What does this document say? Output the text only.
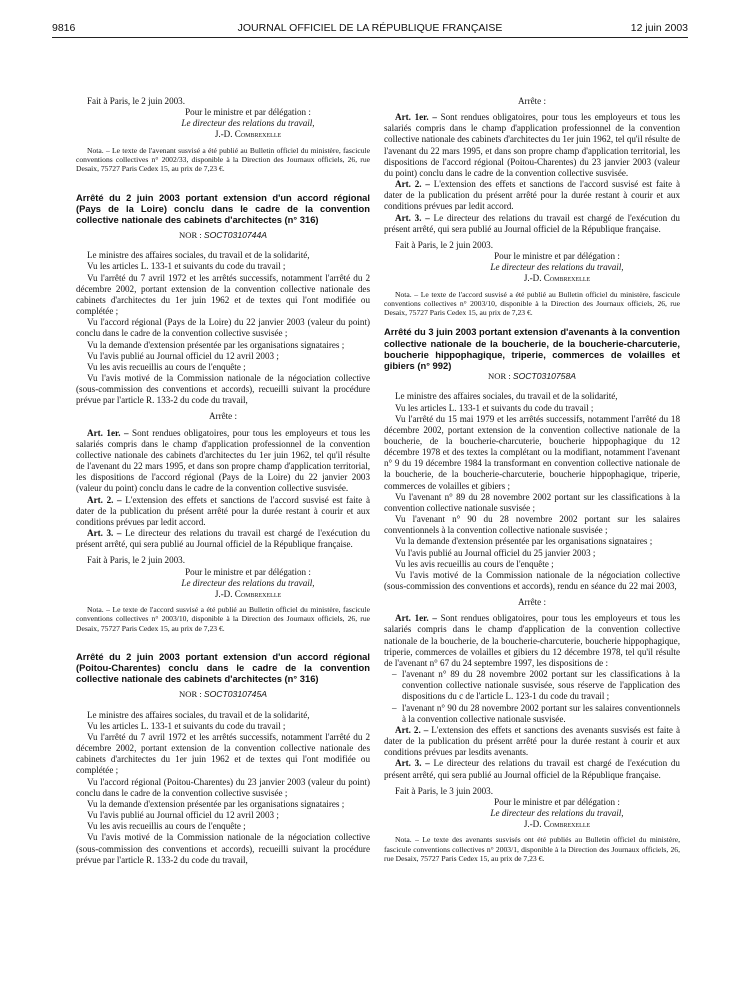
9816	JOURNAL OFFICIEL DE LA RÉPUBLIQUE FRANÇAISE	12 juin 2003

Fait à Paris, le 2 juin 2003.

Pour le ministre et par délégation :

Le directeur des relations du travail,

J.-D. Combrexelle

Nota. – Le texte de l'avenant susvisé a été publié au Bulletin officiel du ministère, fascicule conventions collectives n° 2002/33, disponible à la Direction des Journaux officiels, 26, rue Desaix, 75727 Paris Cedex 15, au prix de 7,23 €.

Arrêté du 2 juin 2003 portant extension d'un accord régional (Pays de la Loire) conclu dans le cadre de la convention collective nationale des cabinets d'architectes (n° 316)
NOR : SOCT0310744A

Le ministre des affaires sociales, du travail et de la solidarité,

Vu les articles L. 133-1 et suivants du code du travail ;

Vu l'arrêté du 7 avril 1972 et les arrêtés successifs, notamment l'arrêté du 2 décembre 2002, portant extension de la convention collective nationale des cabinets d'architectes du 1er juin 1962 et de textes qui l'ont modifiée ou complétée ;

Vu l'accord régional (Pays de la Loire) du 22 janvier 2003 (valeur du point) conclu dans le cadre de la convention collective susvisée ;

Vu la demande d'extension présentée par les organisations signataires ;

Vu l'avis publié au Journal officiel du 12 avril 2003 ;

Vu les avis recueillis au cours de l'enquête ;

Vu l'avis motivé de la Commission nationale de la négociation collective (sous-commission des conventions et accords), recueilli suivant la procédure prévue par l'article R. 133-2 du code du travail,

Arrête :

Art. 1er. – Sont rendues obligatoires, pour tous les employeurs et tous les salariés compris dans le champ d'application professionnel de la convention collective nationale des cabinets d'architectes du 1er juin 1962, tel qu'il résulte de l'avenant du 22 mars 1995, et dans son propre champ d'application territorial, les dispositions de l'accord régional (Pays de la Loire) du 22 janvier 2003 (valeur du point) conclu dans le cadre de la convention collective susvisée.

Art. 2. – L'extension des effets et sanctions de l'accord susvisé est faite à dater de la publication du présent arrêté pour la durée restant à courir et aux conditions prévues par ledit accord.

Art. 3. – Le directeur des relations du travail est chargé de l'exécution du présent arrêté, qui sera publié au Journal officiel de la République française.

Fait à Paris, le 2 juin 2003.

Pour le ministre et par délégation :

Le directeur des relations du travail,

J.-D. Combrexelle

Nota. – Le texte de l'accord susvisé a été publié au Bulletin officiel du ministère, fascicule conventions collectives n° 2003/10, disponible à la Direction des Journaux officiels, 26, rue Desaix, 75727 Paris Cedex 15, au prix de 7,23 €.

Arrêté du 2 juin 2003 portant extension d'un accord régional (Poitou-Charentes) conclu dans le cadre de la convention collective nationale des cabinets d'architectes (n° 316)
NOR : SOCT0310745A

Le ministre des affaires sociales, du travail et de la solidarité,

Vu les articles L. 133-1 et suivants du code du travail ;

Vu l'arrêté du 7 avril 1972 et les arrêtés successifs, notamment l'arrêté du 2 décembre 2002, portant extension de la convention collective nationale des cabinets d'architectes du 1er juin 1962 et de textes qui l'ont modifiée ou complétée ;

Vu l'accord régional (Poitou-Charentes) du 23 janvier 2003 (valeur du point) conclu dans le cadre de la convention collective susvisée ;

Vu la demande d'extension présentée par les organisations signataires ;

Vu l'avis publié au Journal officiel du 12 avril 2003 ;

Vu les avis recueillis au cours de l'enquête ;

Vu l'avis motivé de la Commission nationale de la négociation collective (sous-commission des conventions et accords), recueilli suivant la procédure prévue par l'article R. 133-2 du code du travail,

Arrête :

Art. 1er. – Sont rendues obligatoires, pour tous les employeurs et tous les salariés compris dans le champ d'application professionnel de la convention collective nationale des cabinets d'architectes du 1er juin 1962, tel qu'il résulte de l'avenant du 22 mars 1995, et dans son propre champ d'application territorial, les dispositions de l'accord régional (Poitou-Charentes) du 23 janvier 2003 (valeur du point) conclu dans le cadre de la convention collective susvisée.

Art. 2. – L'extension des effets et sanctions de l'accord susvisé est faite à dater de la publication du présent arrêté pour la durée restant à courir et aux conditions prévues par ledit accord.

Art. 3. – Le directeur des relations du travail est chargé de l'exécution du présent arrêté, qui sera publié au Journal officiel de la République française.

Fait à Paris, le 2 juin 2003.

Pour le ministre et par délégation :

Le directeur des relations du travail,

J.-D. Combrexelle

Nota. – Le texte de l'accord susvisé a été publié au Bulletin officiel du ministère, fascicule conventions collectives n° 2003/10, disponible à la Direction des Journaux officiels, 26, rue Desaix, 75727 Paris Cedex 15, au prix de 7,23 €.

Arrêté du 3 juin 2003 portant extension d'avenants à la convention collective nationale de la boucherie, de la boucherie-charcuterie, boucherie hippophagique, triperie, commerces de volailles et gibiers (n° 992)
NOR : SOCT0310758A

Le ministre des affaires sociales, du travail et de la solidarité,

Vu les articles L. 133-1 et suivants du code du travail ;

Vu l'arrêté du 15 mai 1979 et les arrêtés successifs, notamment l'arrêté du 18 décembre 2002, portant extension de la convention collective nationale de la boucherie, de la boucherie-charcuterie, boucherie hippophagique du 12 décembre 1978 et des textes la complétant ou la modifiant, notamment l'avenant n° 9 du 19 décembre 1984 la transformant en convention collective nationale de la boucherie, de la boucherie-charcuterie, boucherie hippophagique, triperie, commerces de volailles et gibiers ;

Vu l'avenant n° 89 du 28 novembre 2002 portant sur les classifications à la convention collective nationale susvisée ;

Vu l'avenant n° 90 du 28 novembre 2002 portant sur les salaires conventionnels à la convention collective nationale susvisée ;

Vu la demande d'extension présentée par les organisations signataires ;

Vu l'avis publié au Journal officiel du 25 janvier 2003 ;

Vu les avis recueillis au cours de l'enquête ;

Vu l'avis motivé de la Commission nationale de la négociation collective (sous-commission des conventions et accords), rendu en séance du 22 mai 2003,

Arrête :

Art. 1er. – Sont rendues obligatoires, pour tous les employeurs et tous les salariés compris dans le champ d'application de la convention collective nationale de la boucherie, de la boucherie-charcuterie, boucherie hippophagique, triperie, commerces de volailles et gibiers du 12 décembre 1978, tel qu'il résulte de l'avenant n° 67 du 24 septembre 1997, les dispositions de :

– l'avenant n° 89 du 28 novembre 2002 portant sur les classifications à la convention collective nationale susvisée, sous réserve de l'application des dispositions du c de l'article L. 123-1 du code du travail ;
– l'avenant n° 90 du 28 novembre 2002 portant sur les salaires conventionnels à la convention collective nationale susvisée.

Art. 2. – L'extension des effets et sanctions des avenants susvisés est faite à dater de la publication du présent arrêté pour la durée restant à courir et aux conditions prévues par lesdits avenants.

Art. 3. – Le directeur des relations du travail est chargé de l'exécution du présent arrêté, qui sera publié au Journal officiel de la République française.

Fait à Paris, le 3 juin 2003.

Pour le ministre et par délégation :

Le directeur des relations du travail,

J.-D. Combrexelle

Nota. – Le texte des avenants susvisés ont été publiés au Bulletin officiel du ministère, fascicule conventions collectives n° 2003/1, disponible à la Direction des Journaux officiels, 26, rue Desaix, 75727 Paris Cedex 15, au prix de 7,23 €.
